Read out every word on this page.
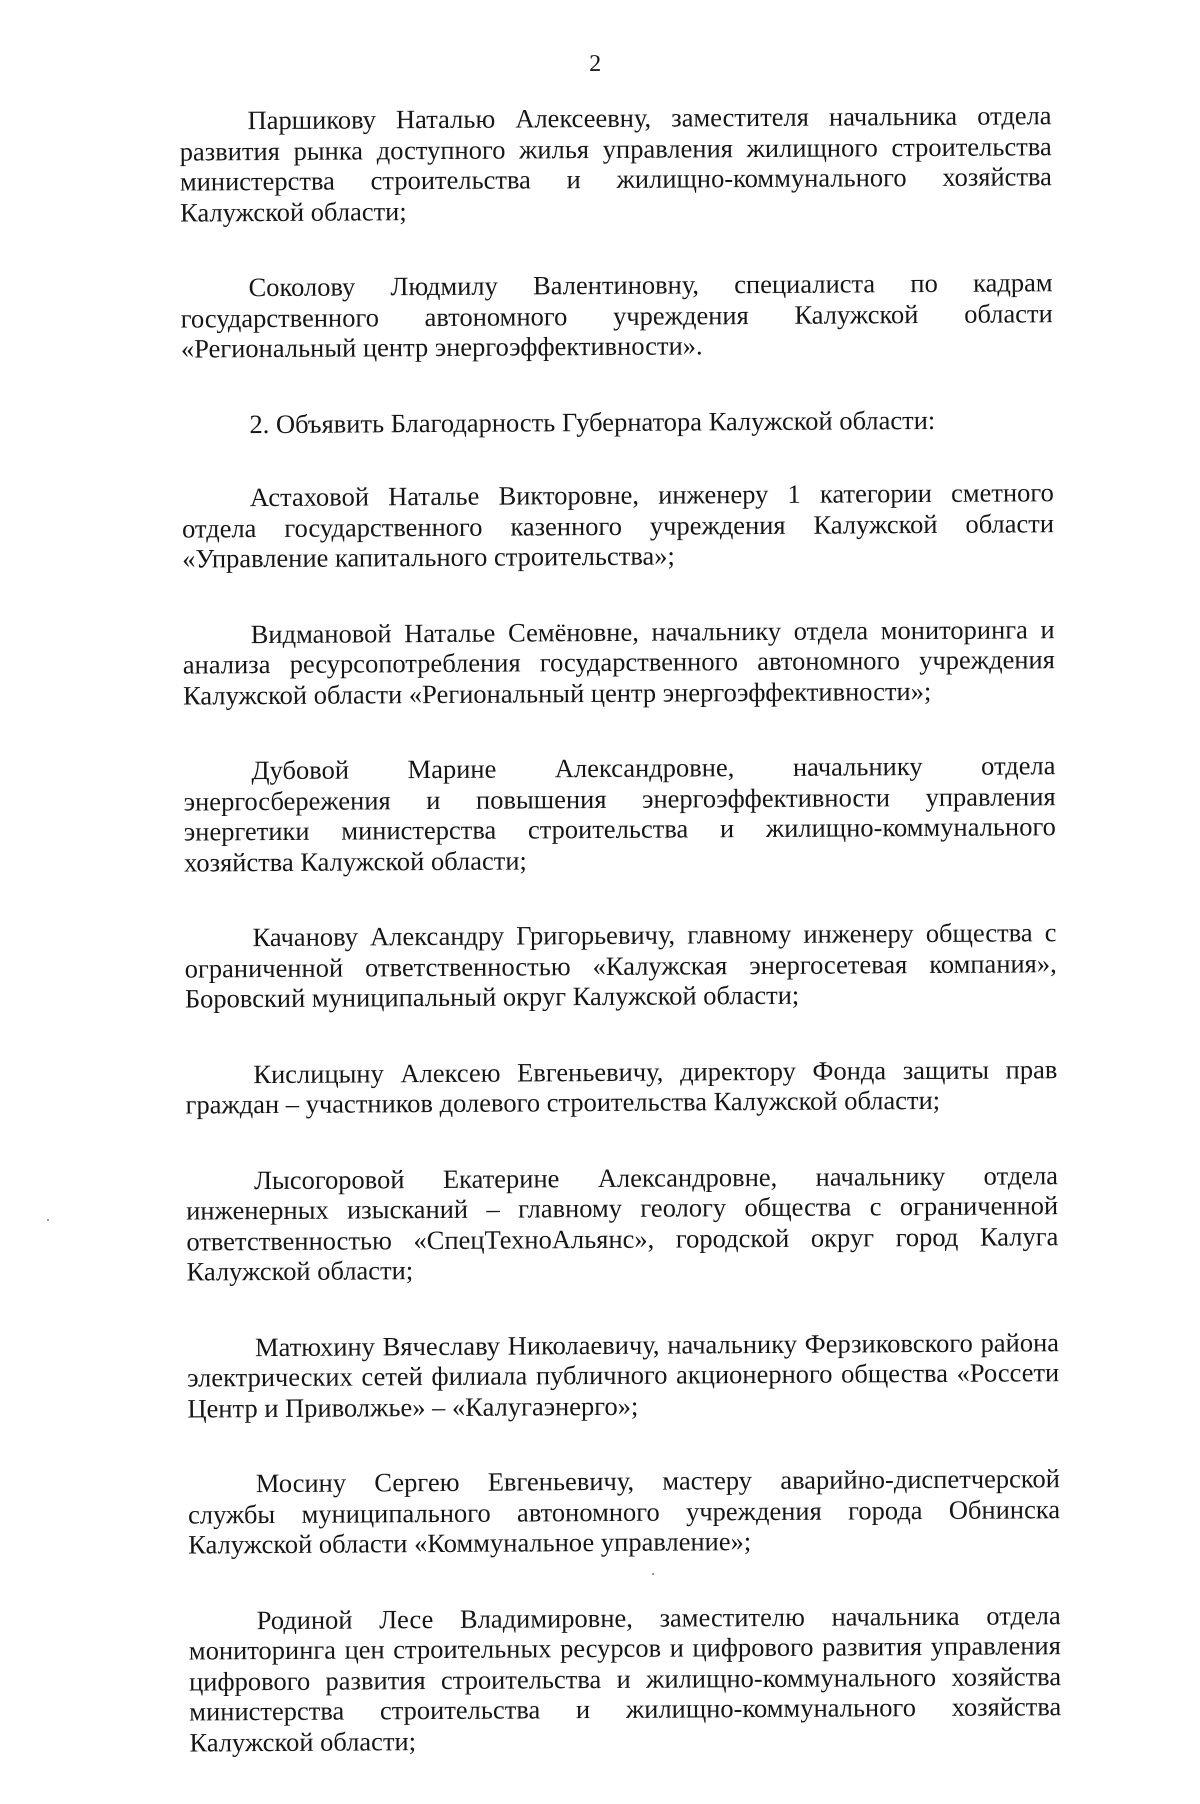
2

Паршикову Наталью Алексеевну, заместителя начальника отдела развития рынка доступного жилья управления жилищного строительства министерства строительства и жилищно-коммунального хозяйства Калужской области;

Соколову Людмилу Валентиновну, специалиста по кадрам государственного автономного учреждения Калужской области «Региональный центр энергоэффективности».

2. Объявить Благодарность Губернатора Калужской области:

Астаховой Наталье Викторовне, инженеру 1 категории сметного отдела государственного казенного учреждения Калужской области «Управление капитального строительства»;

Видмановой Наталье Семёновне, начальнику отдела мониторинга и анализа ресурсопотребления государственного автономного учреждения Калужской области «Региональный центр энергоэффективности»;

Дубовой Марине Александровне, начальнику отдела энергосбережения и повышения энергоэффективности управления энергетики министерства строительства и жилищно-коммунального хозяйства Калужской области;

Качанову Александру Григорьевичу, главному инженеру общества с ограниченной ответственностью «Калужская энергосетевая компания», Боровский муниципальный округ Калужской области;

Кислицыну Алексею Евгеньевичу, директору Фонда защиты прав граждан – участников долевого строительства Калужской области;

Лысогоровой Екатерине Александровне, начальнику отдела инженерных изысканий – главному геологу общества с ограниченной ответственностью «СпецТехноАльянс», городской округ город Калуга Калужской области;

Матюхину Вячеславу Николаевичу, начальнику Ферзиковского района электрических сетей филиала публичного акционерного общества «Россети Центр и Приволжье» – «Калугаэнерго»;

Мосину Сергею Евгеньевичу, мастеру аварийно-диспетчерской службы муниципального автономного учреждения города Обнинска Калужской области «Коммунальное управление»;

Родиной Лесе Владимировне, заместителю начальника отдела мониторинга цен строительных ресурсов и цифрового развития управления цифрового развития строительства и жилищно-коммунального хозяйства министерства строительства и жилищно-коммунального хозяйства Калужской области;
